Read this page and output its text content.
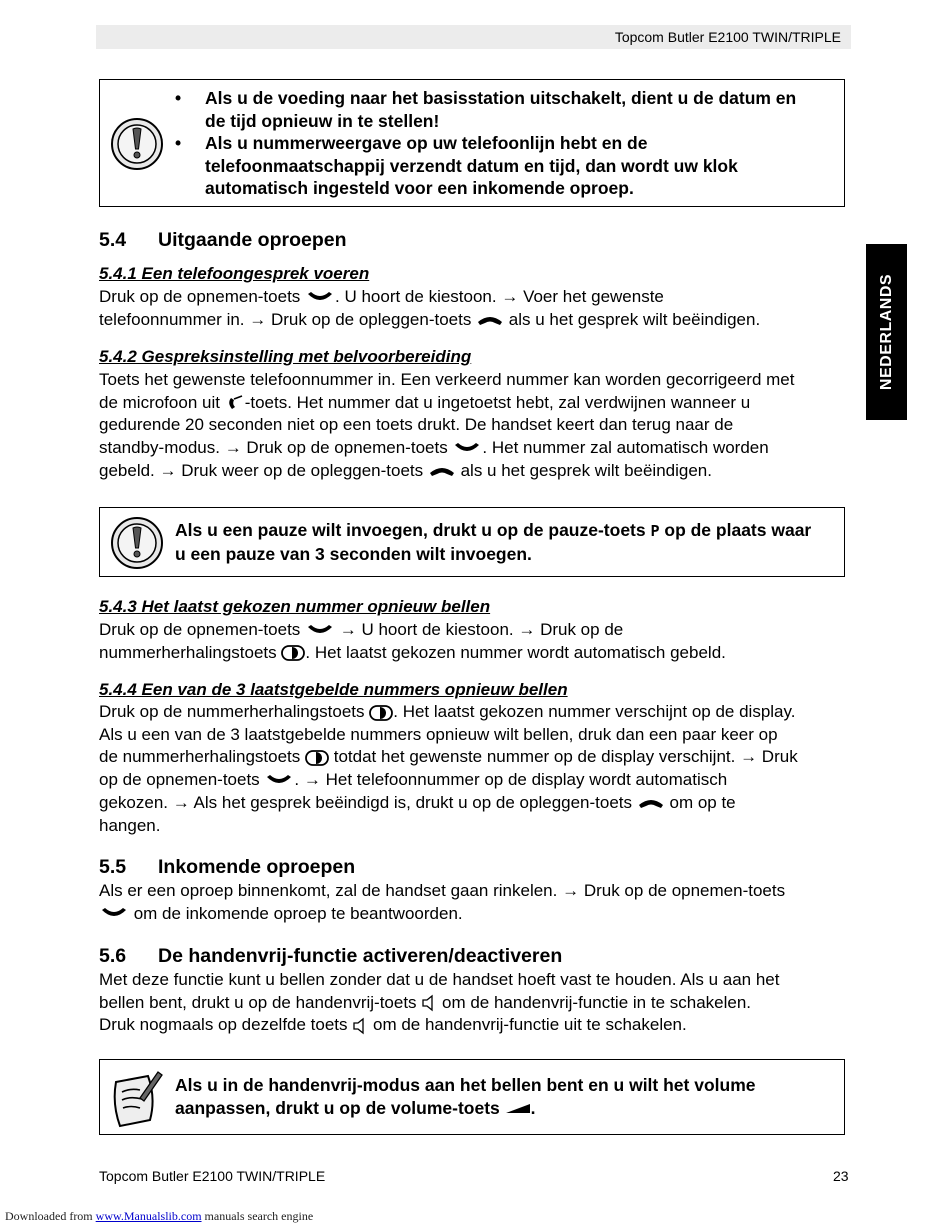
Topcom Butler E2100 TWIN/TRIPLE
NEDERLANDS
• Als u de voeding naar het basisstation uitschakelt, dient u de datum en
de tijd opnieuw in te stellen!
• Als u nummerweergave op uw telefoonlijn hebt en de
telefoonmaatschappij verzendt datum en tijd, dan wordt uw klok
automatisch ingesteld voor een inkomende oproep.
5.4 Uitgaande oproepen
5.4.1 Een telefoongesprek voeren

Druk op de opnemen-toets
. U hoort de kiestoon. → Voer het gewenste
telefoonnummer in. → Druk op de opleggen-toets
als u het gesprek wilt beëindigen.

5.4.2 Gespreksinstelling met belvoorbereiding

Toets het gewenste telefoonnummer in. Een verkeerd nummer kan worden gecorrigeerd met
de microfoon uit
-toets. Het nummer dat u ingetoetst hebt, zal verdwijnen wanneer u
gedurende 20 seconden niet op een toets drukt. De handset keert dan terug naar de
standby-modus. → Druk op de opnemen-toets
. Het nummer zal automatisch worden
gebeld. → Druk weer op de opleggen-toets
als u het gesprek wilt beëindigen.

Als u een pauze wilt invoegen, drukt u op de pauze-toets P op de plaats waar
u een pauze van 3 seconden wilt invoegen.
5.4.3 Het laatst gekozen nummer opnieuw bellen

Druk op de opnemen-toets
→ U hoort de kiestoon. → Druk op de
nummerherhalingstoets
. Het laatst gekozen nummer wordt automatisch gebeld.

5.4.4 Een van de 3 laatstgebelde nummers opnieuw bellen

Druk op de nummerherhalingstoets
. Het laatst gekozen nummer verschijnt op de display.
Als u een van de 3 laatstgebelde nummers opnieuw wilt bellen, druk dan een paar keer op
de nummerherhalingstoets
totdat het gewenste nummer op de display verschijnt. → Druk
op de opnemen-toets
. → Het telefoonnummer op de display wordt automatisch
gekozen. → Als het gesprek beëindigd is, drukt u op de opleggen-toets
om op te
hangen.

5.5 Inkomende oproepen

Als er een oproep binnenkomt, zal de handset gaan rinkelen. → Druk op de opnemen-toets
om de inkomende oproep te beantwoorden.

5.6 De handenvrij-functie activeren/deactiveren

Met deze functie kunt u bellen zonder dat u de handset hoeft vast te houden. Als u aan het
bellen bent, drukt u op de handenvrij-toets
om de handenvrij-functie in te schakelen.
Druk nogmaals op dezelfde toets
om de handenvrij-functie uit te schakelen.

Als u in de handenvrij-modus aan het bellen bent en u wilt het volume
aanpassen, drukt u op de volume-toets
.
Topcom Butler E2100 TWIN/TRIPLE	23
Downloaded from www.Manualslib.com manuals search engine
